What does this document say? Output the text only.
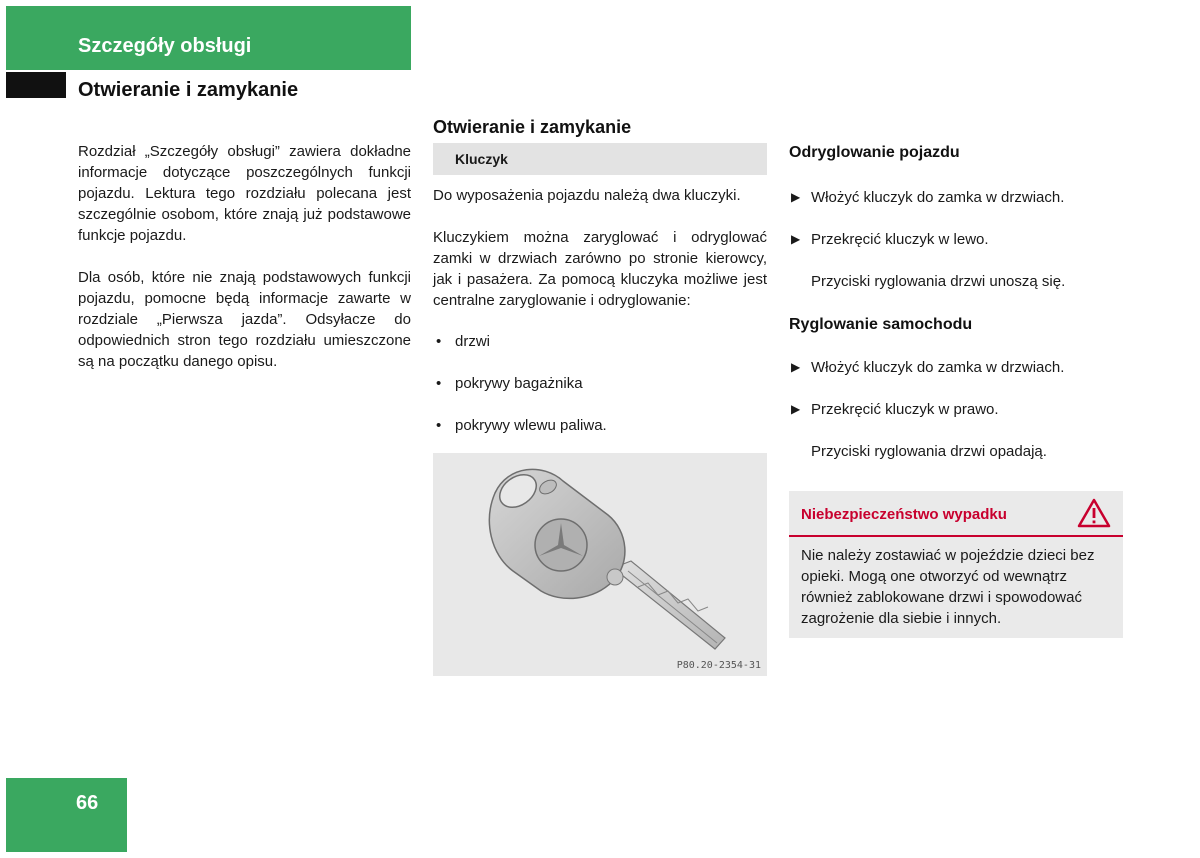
Szczegóły obsługi
Otwieranie i zamykanie
Rozdział „Szczegóły obsługi” zawiera dokładne informacje dotyczące poszczególnych funkcji pojazdu. Lektura tego rozdziału polecana jest szczególnie osobom, które znają już podstawowe funkcje pojazdu.
Dla osób, które nie znają podstawowych funkcji pojazdu, pomocne będą informacje zawarte w rozdziale „Pierwsza jazda”. Odsyłacze do odpowiednich stron tego rozdziału umieszczone są na początku danego opisu.
Otwieranie i zamykanie
Kluczyk
Do wyposażenia pojazdu należą dwa kluczyki.
Kluczykiem można zaryglować i odryglować zamki w drzwiach zarówno po stronie kierowcy, jak i pasażera. Za pomocą kluczyka możliwe jest centralne zaryglowanie i odryglowanie:
• drzwi
• pokrywy bagażnika
• pokrywy wlewu paliwa.
P80.20-2354-31
Odryglowanie pojazdu
▶ Włożyć kluczyk do zamka w drzwiach.
▶ Przekręcić kluczyk w lewo.
Przyciski ryglowania drzwi unoszą się.
Ryglowanie samochodu
▶ Włożyć kluczyk do zamka w drzwiach.
▶ Przekręcić kluczyk w prawo.
Przyciski ryglowania drzwi opadają.
Niebezpieczeństwo wypadku
Nie należy zostawiać w pojeździe dzieci bez opieki. Mogą one otworzyć od wewnątrz również zablokowane drzwi i spowodować zagrożenie dla siebie i innych.
66
